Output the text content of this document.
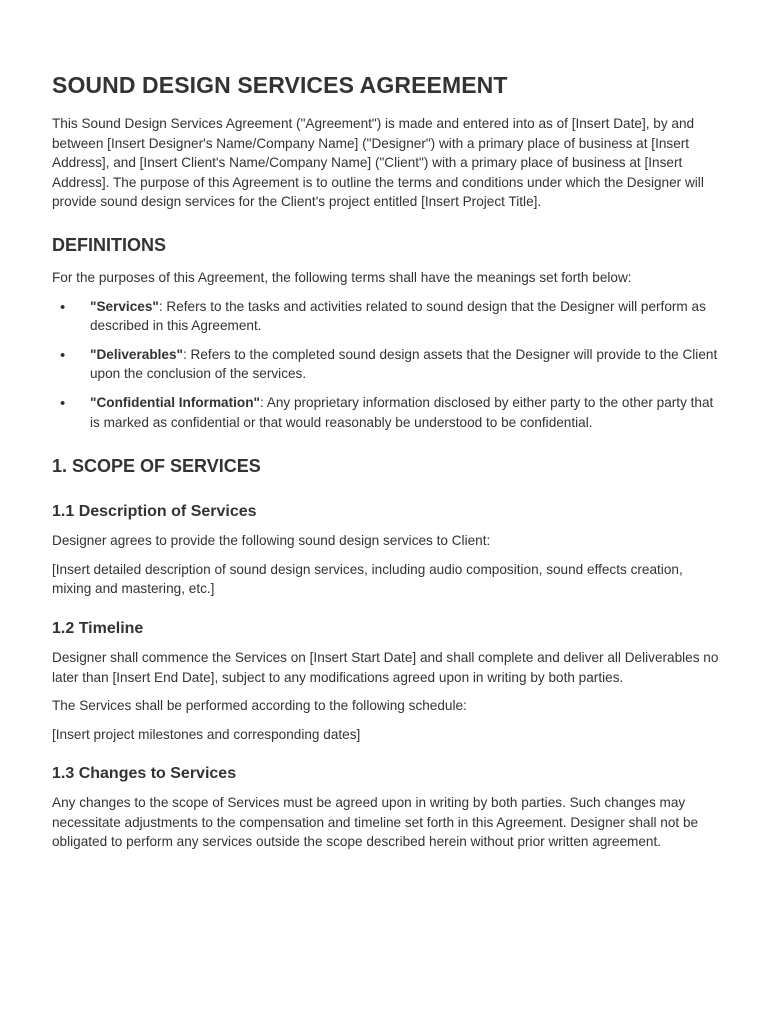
SOUND DESIGN SERVICES AGREEMENT

This Sound Design Services Agreement ("Agreement") is made and entered into as of [Insert Date], by and between [Insert Designer's Name/Company Name] ("Designer") with a primary place of business at [Insert Address], and [Insert Client's Name/Company Name] ("Client") with a primary place of business at [Insert Address]. The purpose of this Agreement is to outline the terms and conditions under which the Designer will provide sound design services for the Client's project entitled [Insert Project Title].

DEFINITIONS

For the purposes of this Agreement, the following terms shall have the meanings set forth below:

• "Services": Refers to the tasks and activities related to sound design that the Designer will perform as described in this Agreement.
• "Deliverables": Refers to the completed sound design assets that the Designer will provide to the Client upon the conclusion of the services.
• "Confidential Information": Any proprietary information disclosed by either party to the other party that is marked as confidential or that would reasonably be understood to be confidential.
1. SCOPE OF SERVICES
1.1 Description of Services

Designer agrees to provide the following sound design services to Client:

[Insert detailed description of sound design services, including audio composition, sound effects creation, mixing and mastering, etc.]

1.2 Timeline

Designer shall commence the Services on [Insert Start Date] and shall complete and deliver all Deliverables no later than [Insert End Date], subject to any modifications agreed upon in writing by both parties.

The Services shall be performed according to the following schedule:

[Insert project milestones and corresponding dates]

1.3 Changes to Services

Any changes to the scope of Services must be agreed upon in writing by both parties. Such changes may necessitate adjustments to the compensation and timeline set forth in this Agreement. Designer shall not be obligated to perform any services outside the scope described herein without prior written agreement.
